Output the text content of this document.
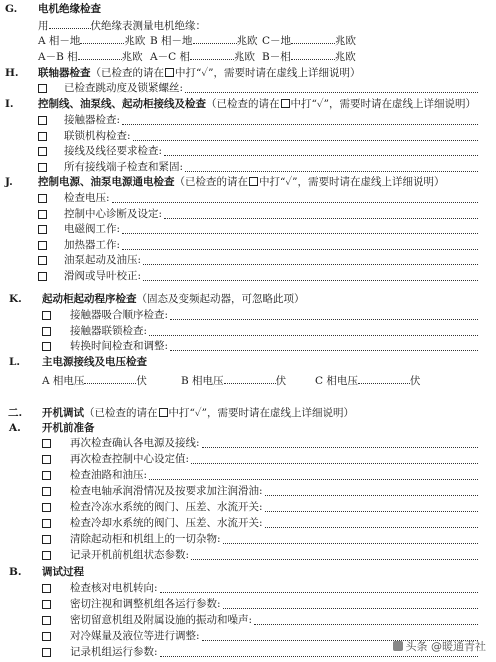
G. 电机绝缘检查
用	伏绝缘表测量电机绝缘：
A 相－地	兆欧 B 相－地	兆欧 C－地	兆欧
A－B 相	兆欧 A－C 相	兆欧 B－相	兆欧
H. 联轴器检查（已检查的请在 中打“✓”，需要时请在虚线上详细说明）
已检查跳动度及锁紧螺丝:
I. 控制线、油泵线、起动柜接线及检查（已检查的请在 中打“✓”，需要时请在虚线上详细说明）
接触器检查:
联锁机构检查:
接线及线径要求检查:
所有接线端子检查和紧固:
J. 控制电源、油泵电源通电检查（已检查的请在 中打“✓”，需要时请在虚线上详细说明）
检查电压:
控制中心诊断及设定:
电磁阀工作:
加热器工作:
油泵起动及油压:
滑阀或导叶校正:
K. 起动柜起动程序检查（固态及变频起动器，可忽略此项）
接触器吸合顺序检查:
接触器联锁检查:
转换时间检查和调整:
L. 主电源接线及电压检查
A 相电压	伏	B 相电压	伏	C 相电压	伏
二. 开机调试（已检查的请在 中打“✓”，需要时请在虚线上详细说明）
A. 开机前准备
再次检查确认各电源及接线:
再次检查控制中心设定值:
检查油路和油压:
检查电轴承润滑情况及按要求加注润滑油:
检查冷冻水系统的阀门、压差、水流开关:
检查冷却水系统的阀门、压差、水流开关:
清除起动柜和机组上的一切杂物:
记录开机前机组状态参数:
B. 调试过程
检查核对电机转向:
密切注视和调整机组各运行参数:
密切留意机组及附属设施的振动和噪声:
对冷媒量及液位等进行调整:
记录机组运行参数:	头条 @暖通青社
